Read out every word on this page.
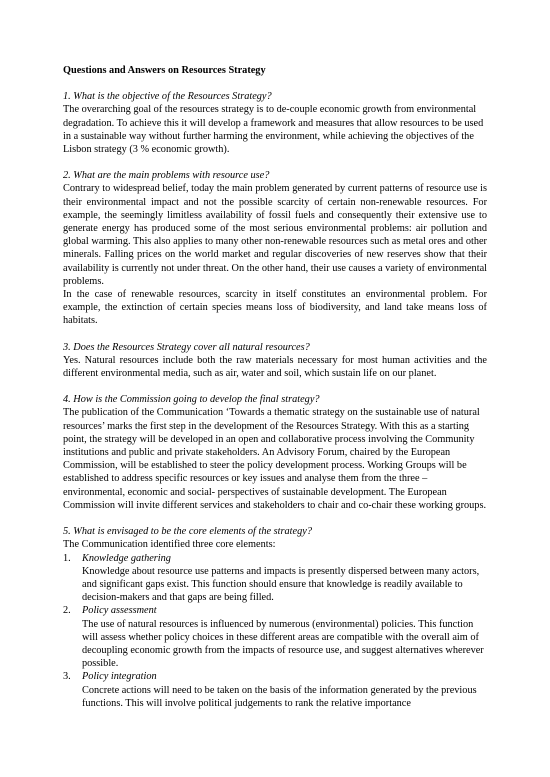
Questions and Answers on Resources Strategy

1. What is the objective of the Resources Strategy?

The overarching goal of the resources strategy is to de-couple economic growth from environmental degradation. To achieve this it will develop a framework and measures that allow resources to be used in a sustainable way without further harming the environment, while achieving the objectives of the Lisbon strategy (3 % economic growth).

2. What are the main problems with resource use?

Contrary to widespread belief, today the main problem generated by current patterns of resource use is their environmental impact and not the possible scarcity of certain non-renewable resources. For example, the seemingly limitless availability of fossil fuels and consequently their extensive use to generate energy has produced some of the most serious environmental problems: air pollution and global warming. This also applies to many other non-renewable resources such as metal ores and other minerals. Falling prices on the world market and regular discoveries of new reserves show that their availability is currently not under threat. On the other hand, their use causes a variety of environmental problems.

In the case of renewable resources, scarcity in itself constitutes an environmental problem. For example, the extinction of certain species means loss of biodiversity, and land take means loss of habitats.

3. Does the Resources Strategy cover all natural resources?

Yes. Natural resources include both the raw materials necessary for most human activities and the different environmental media, such as air, water and soil, which sustain life on our planet.

4. How is the Commission going to develop the final strategy?

The publication of the Communication ‘Towards a thematic strategy on the sustainable use of natural resources’ marks the first step in the development of the Resources Strategy. With this as a starting point, the strategy will be developed in an open and collaborative process involving the Community institutions and public and private stakeholders. An Advisory Forum, chaired by the European Commission, will be established to steer the policy development process. Working Groups will be established to address specific resources or key issues and analyse them from the three – environmental, economic and social- perspectives of sustainable development. The European Commission will invite different services and stakeholders to chair and co-chair these working groups.

5. What is envisaged to be the core elements of the strategy?

The Communication identified three core elements:

1. Knowledge gathering
Knowledge about resource use patterns and impacts is presently dispersed between many actors, and significant gaps exist. This function should ensure that knowledge is readily available to decision-makers and that gaps are being filled.
2. Policy assessment
The use of natural resources is influenced by numerous (environmental) policies. This function will assess whether policy choices in these different areas are compatible with the overall aim of decoupling economic growth from the impacts of resource use, and suggest alternatives wherever possible.
3. Policy integration
Concrete actions will need to be taken on the basis of the information generated by the previous functions. This will involve political judgements to rank the relative importance
